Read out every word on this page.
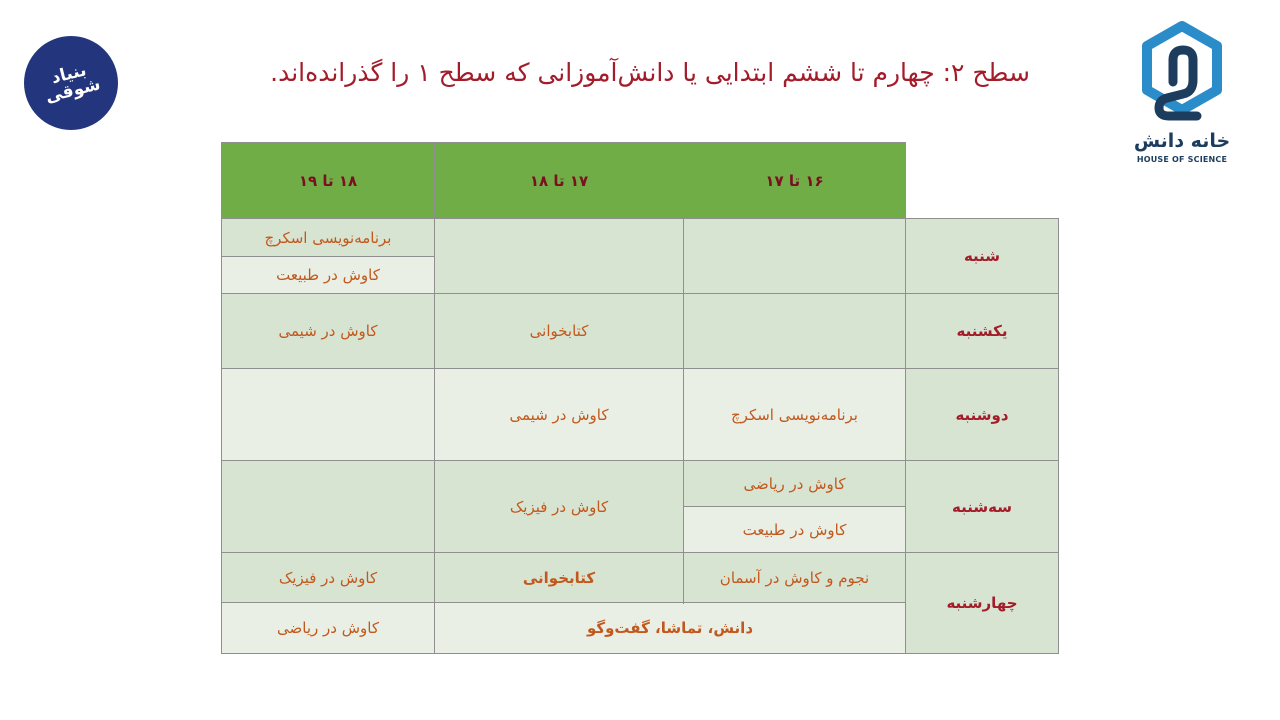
بنیاد شوقی
سطح ۲: چهارم تا ششم ابتدایی یا دانش‌آموزانی که سطح ۱ را گذرانده‌اند.
خانه دانش
HOUSE OF SCIENCE
۱۸ تا ۱۹	۱۷ تا ۱۸	۱۶ تا ۱۷	
برنامه‌نویسی اسکرچ			شنبه
کاوش در طبیعت			
کاوش در شیمی	کتابخوانی		یکشنبه
	کاوش در شیمی	برنامه‌نویسی اسکرچ	دوشنبه
	کاوش در فیزیک	کاوش در ریاضی	سه‌شنبه
		کاوش در طبیعت	
کاوش در فیزیک	کتابخوانی	نجوم و کاوش در آسمان	چهارشنبه
کاوش در ریاضی			
	دانش، تماشا، گفت‌وگو		
